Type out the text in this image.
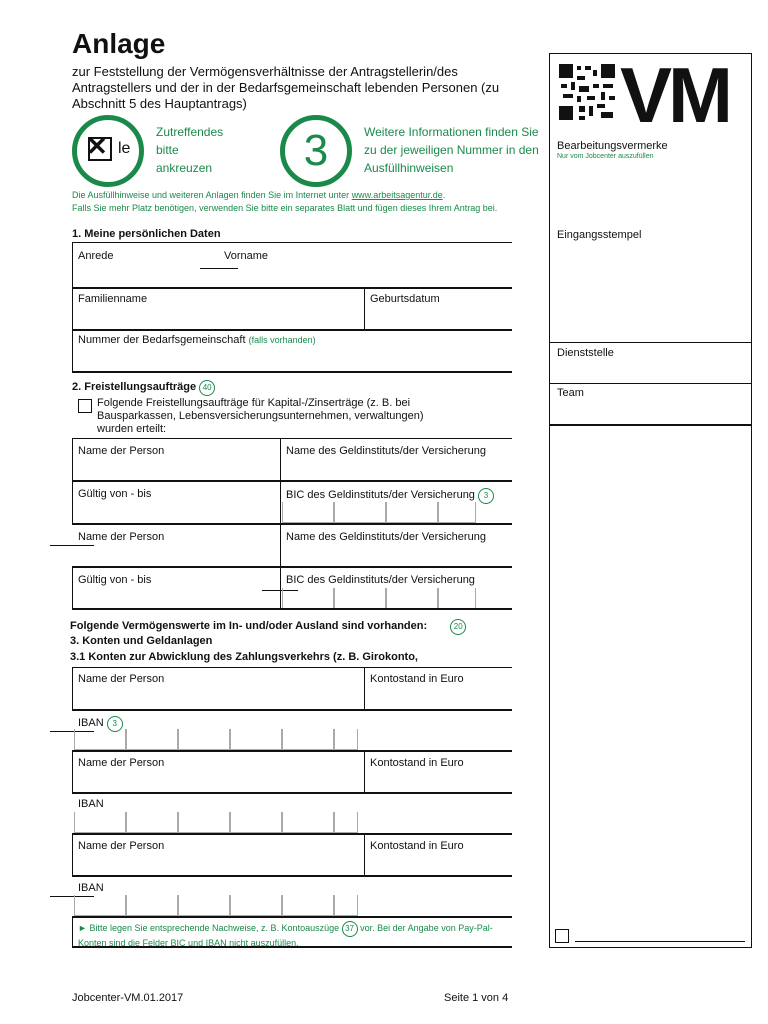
Anlage
zur Feststellung der Vermögensverhältnisse der Antragstellerin/des Antragstellers und der in der Bedarfsgemeinschaft lebenden Personen (zu Abschnitt 5 des Hauptantrags)
✕ le
Zutreffendes bitte ankreuzen	3	Weitere Informationen finden Sie zu der jeweiligen Nummer in den Ausfüllhinweisen
Die Ausfüllhinweise und weiteren Anlagen finden Sie im Internet unter www.arbeitsagentur.de.
Falls Sie mehr Platz benötigen, verwenden Sie bitte ein separates Blatt und fügen dieses Ihrem Antrag bei.
1. Meine persönlichen Daten
Anrede	Vorname
Familienname	Geburtsdatum
Nummer der Bedarfsgemeinschaft (falls vorhanden)
2. Freistellungsaufträge 40
Folgende Freistellungsaufträge für Kapital-/Zinserträge (z. B. bei Bausparkassen, Lebensversicherungsunternehmen, verwaltungen) wurden erteilt:
Name der Person	Name des Geldinstituts/der Versicherung
Gültig von - bis	BIC des Geldinstituts/der Versicherung 3
Name der Person	Name des Geldinstituts/der Versicherung
Gültig von - bis	BIC des Geldinstituts/der Versicherung
Folgende Vermögenswerte im In- und/oder Ausland sind vorhanden:	20
3. Konten und Geldanlagen
3.1 Konten zur Abwicklung des Zahlungsverkehrs (z. B. Girokonto,
Name der Person	Kontostand in Euro
IBAN 3
Name der Person	Kontostand in Euro
IBAN
Name der Person	Kontostand in Euro
IBAN
► Bitte legen Sie entsprechende Nachweise, z. B. Kontoauszüge 37 vor. Bei der Angabe von Pay-Pal-Konten sind die Felder BIC und IBAN nicht auszufüllen.
VM
Bearbeitungsvermerke
Nur vom Jobcenter auszufüllen
Eingangsstempel
Dienststelle
Team
Jobcenter-VM.01.2017	Seite 1 von 4
